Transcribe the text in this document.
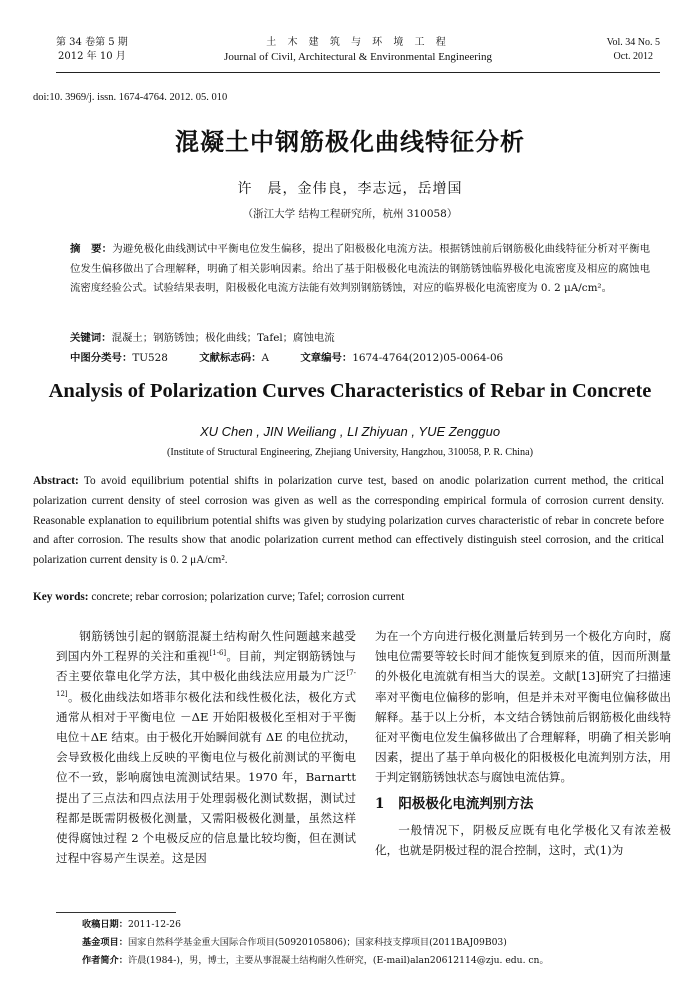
第 34 卷第 5 期
2012 年 10 月
土 木 建 筑 与 环 境 工 程
Journal of Civil, Architectural & Environmental Engineering
Vol. 34 No. 5
Oct. 2012
doi:10. 3969/j. issn. 1674-4764. 2012. 05. 010
混凝土中钢筋极化曲线特征分析
许　晨，金伟良，李志远，岳增国
（浙江大学 结构工程研究所，杭州 310058）
摘　要：为避免极化曲线测试中平衡电位发生偏移，提出了阳极极化电流方法。根据锈蚀前后钢筋极化曲线特征分析对平衡电位发生偏移做出了合理解释，明确了相关影响因素。给出了基于阳极极化电流法的钢筋锈蚀临界极化电流密度及相应的腐蚀电流密度经验公式。试验结果表明，阳极极化电流方法能有效判别钢筋锈蚀，对应的临界极化电流密度为 0. 2 μA/cm²。
关键词：混凝土；钢筋锈蚀；极化曲线；Tafel；腐蚀电流
中图分类号：TU528	文献标志码：A	文章编号：1674-4764(2012)05-0064-06
Analysis of Polarization Curves Characteristics of Rebar in Concrete
XU Chen , JIN Weiliang , LI Zhiyuan , YUE Zengguo
(Institute of Structural Engineering, Zhejiang University, Hangzhou, 310058, P. R. China)
Abstract: To avoid equilibrium potential shifts in polarization curve test, based on anodic polarization current method, the critical polarization current density of steel corrosion was given as well as the corresponding empirical formula of corrosion current density. Reasonable explanation to equilibrium potential shifts was given by studying polarization curves characteristic of rebar in concrete before and after corrosion. The results show that anodic polarization current method can effectively distinguish steel corrosion, and the critical polarization current density is 0. 2 μA/cm².
Key words: concrete; rebar corrosion; polarization curve; Tafel; corrosion current

钢筋锈蚀引起的钢筋混凝土结构耐久性问题越来越受到国内外工程界的关注和重视[1-6]。目前，判定钢筋锈蚀与否主要依靠电化学方法，其中极化曲线法应用最为广泛[7-12]。极化曲线法如塔菲尔极化法和线性极化法，极化方式通常从相对于平衡电位 －ΔE 开始阳极极化至相对于平衡电位＋ΔE 结束。由于极化开始瞬间就有 ΔE 的电位扰动，会导致极化曲线上反映的平衡电位与极化前测试的平衡电位不一致，影响腐蚀电流测试结果。1970 年，Barnartt 提出了三点法和四点法用于处理弱极化测试数据，测试过程都是既需阴极极化测量，又需阳极极化测量，虽然这样使得腐蚀过程 2 个电极反应的信息量比较均衡，但在测试过程中容易产生误差。这是因

为在一个方向进行极化测量后转到另一个极化方向时，腐蚀电位需要等较长时间才能恢复到原来的值，因而所测量的外极化电流就有相当大的误差。文献[13]研究了扫描速率对平衡电位偏移的影响，但是并未对平衡电位偏移做出解释。基于以上分析，本文结合锈蚀前后钢筋极化曲线特征对平衡电位发生偏移做出了合理解释，明确了相关影响因素，提出了基于单向极化的阳极极化电流判别方法，用于判定钢筋锈蚀状态与腐蚀电流估算。

1 阳极极化电流判别方法

一般情况下，阴极反应既有电化学极化又有浓差极化，也就是阴极过程的混合控制，这时，式(1)为

收稿日期：2011-12-26
基金项目：国家自然科学基金重大国际合作项目(50920105806)；国家科技支撑项目(2011BAJ09B03)
作者简介：许晨(1984-)，男，博士，主要从事混凝土结构耐久性研究，(E-mail)alan20612114@zju. edu. cn。
